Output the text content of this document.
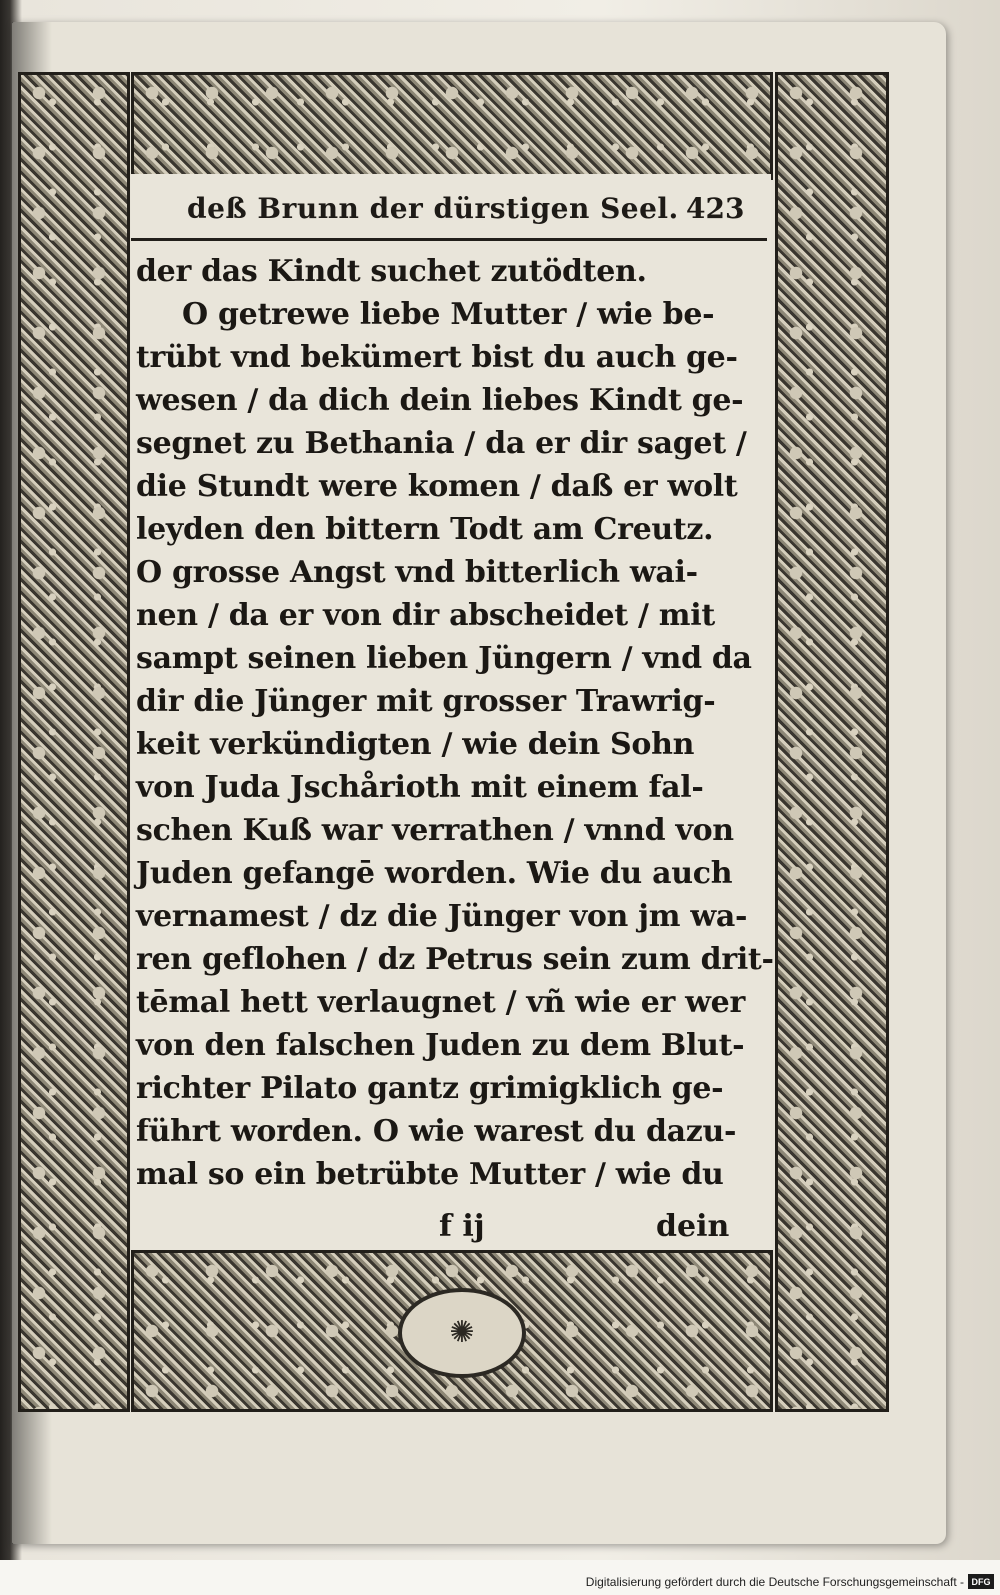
✺
deß Brunn der dürstigen Seel. 423
der das Kindt suchet zutödten.
O getrewe liebe Mutter / wie be-
trübt vnd bekümert bist du auch ge-
wesen / da dich dein liebes Kindt ge-
segnet zu Bethania / da er dir saget /
die Stundt were komen / daß er wolt
leyden den bittern Todt am Creutz.
O grosse Angst vnd bitterlich wai-
nen / da er von dir abscheidet / mit
sampt seinen lieben Jüngern / vnd da
dir die Jünger mit grosser Trawrig-
keit verkündigten / wie dein Sohn
von Juda Jschårioth mit einem fal-
schen Kuß war verrathen / vnnd von
Juden gefangē worden. Wie du auch
vernamest / dz die Jünger von jm wa-
ren geflohen / dz Petrus sein zum drit-
tēmal hett verlaugnet / vñ wie er wer
von den falschen Juden zu dem Blut-
richter Pilato gantz grimigklich ge-
führt worden. O wie warest du dazu-
mal so ein betrübte Mutter / wie du
f ij	dein
Digitalisierung gefördert durch die Deutsche Forschungsgemeinschaft - DFG
